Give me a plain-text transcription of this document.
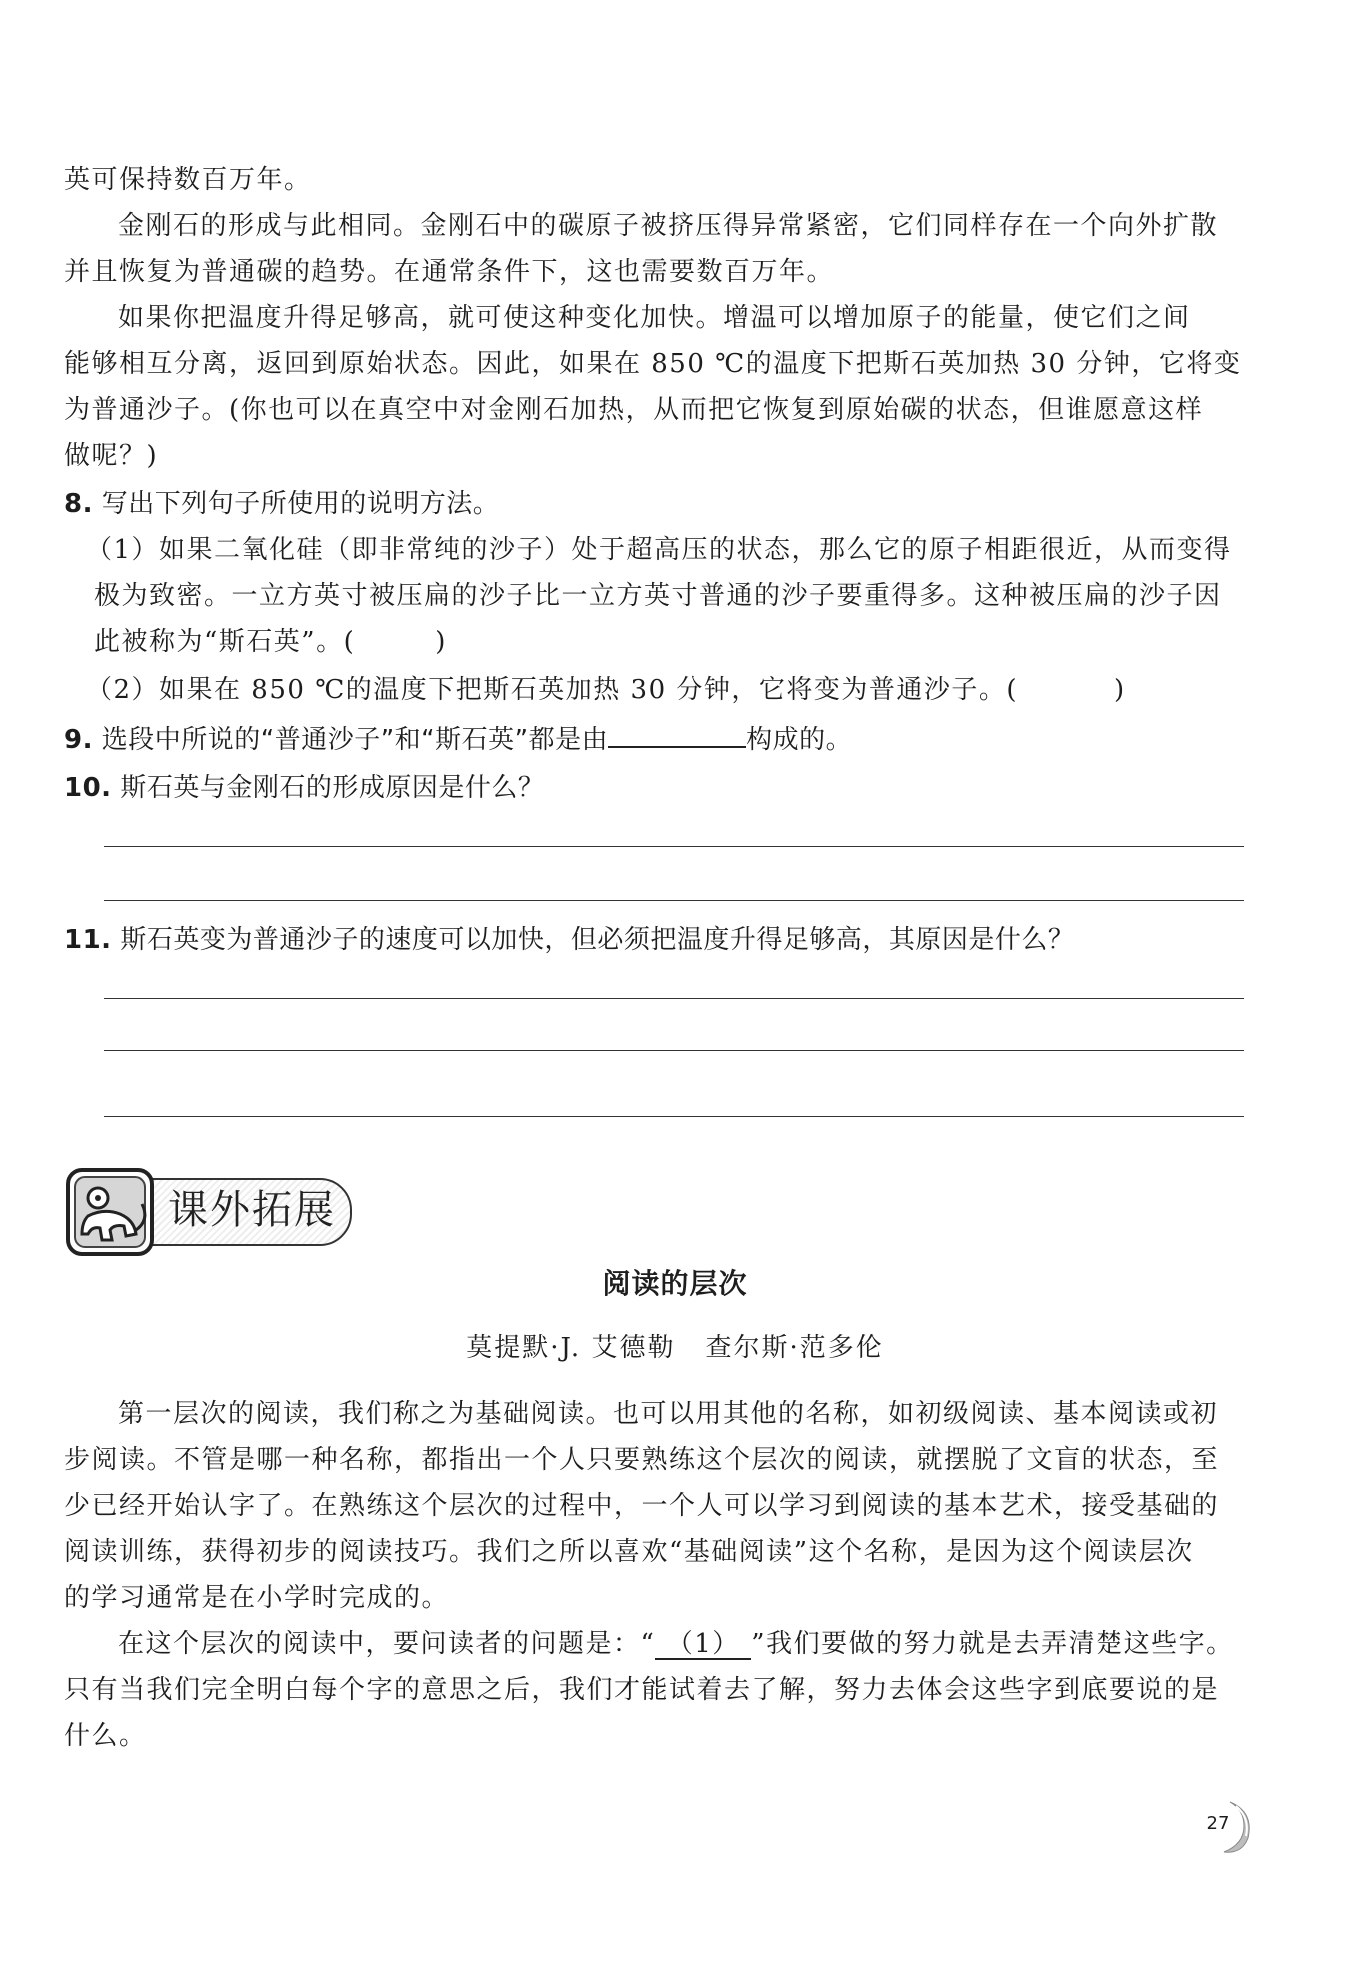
英可保持数百万年。
金刚石的形成与此相同。金刚石中的碳原子被挤压得异常紧密，它们同样存在一个向外扩散
并且恢复为普通碳的趋势。在通常条件下，这也需要数百万年。
如果你把温度升得足够高，就可使这种变化加快。增温可以增加原子的能量，使它们之间
能够相互分离，返回到原始状态。因此，如果在 850 ℃的温度下把斯石英加热 30 分钟，它将变
为普通沙子。(你也可以在真空中对金刚石加热，从而把它恢复到原始碳的状态，但谁愿意这样
做呢？)
8. 写出下列句子所使用的说明方法。
（1）如果二氧化硅（即非常纯的沙子）处于超高压的状态，那么它的原子相距很近，从而变得
极为致密。一立方英寸被压扁的沙子比一立方英寸普通的沙子要重得多。这种被压扁的沙子因
此被称为“斯石英”。(	)
（2）如果在 850 ℃的温度下把斯石英加热 30 分钟，它将变为普通沙子。(	)
9. 选段中所说的“普通沙子”和“斯石英”都是由	构成的。
10. 斯石英与金刚石的形成原因是什么？
11. 斯石英变为普通沙子的速度可以加快，但必须把温度升得足够高，其原因是什么？
课外拓展
阅读的层次
莫提默·J. 艾德勒 查尔斯·范多伦
第一层次的阅读，我们称之为基础阅读。也可以用其他的名称，如初级阅读、基本阅读或初
步阅读。不管是哪一种名称，都指出一个人只要熟练这个层次的阅读，就摆脱了文盲的状态，至
少已经开始认字了。在熟练这个层次的过程中，一个人可以学习到阅读的基本艺术，接受基础的
阅读训练，获得初步的阅读技巧。我们之所以喜欢“基础阅读”这个名称，是因为这个阅读层次
的学习通常是在小学时完成的。
在这个层次的阅读中，要问读者的问题是：“ （1） ”我们要做的努力就是去弄清楚这些字。
只有当我们完全明白每个字的意思之后，我们才能试着去了解，努力去体会这些字到底要说的是
什么。
27
